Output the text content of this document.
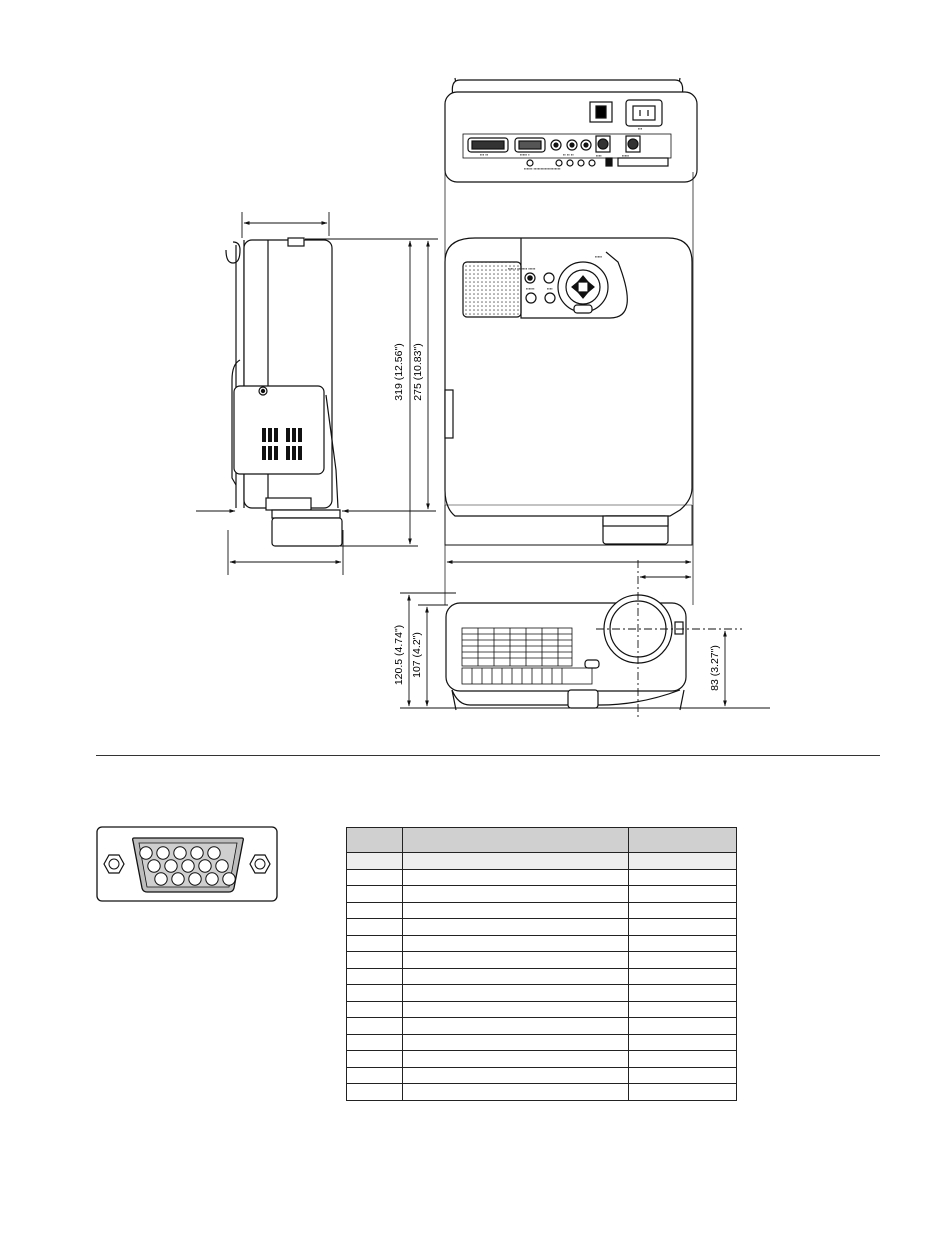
▪▪▪ ▪▪	▪▪▪▪▪ ▪	▪▪ ▪▪ ▪▪	▪▪▪▪	▪▪▪▪▪
▪▪▪
▪▪▪▪▪▪ ▪▪▪▪▪▪▪▪▪▪▪▪▪▪▪▪▪▪▪
▪▪▪▪▪
▪▪▪▪ ▪ ▪▪▪▪▪▪▪ ▪▪▪▪▪
▪▪▪▪▪▪	▪▪▪▪
319 (12.56") 275 (10.83")
120.5 (4.74") 107 (4.2")	83 (3.27")
